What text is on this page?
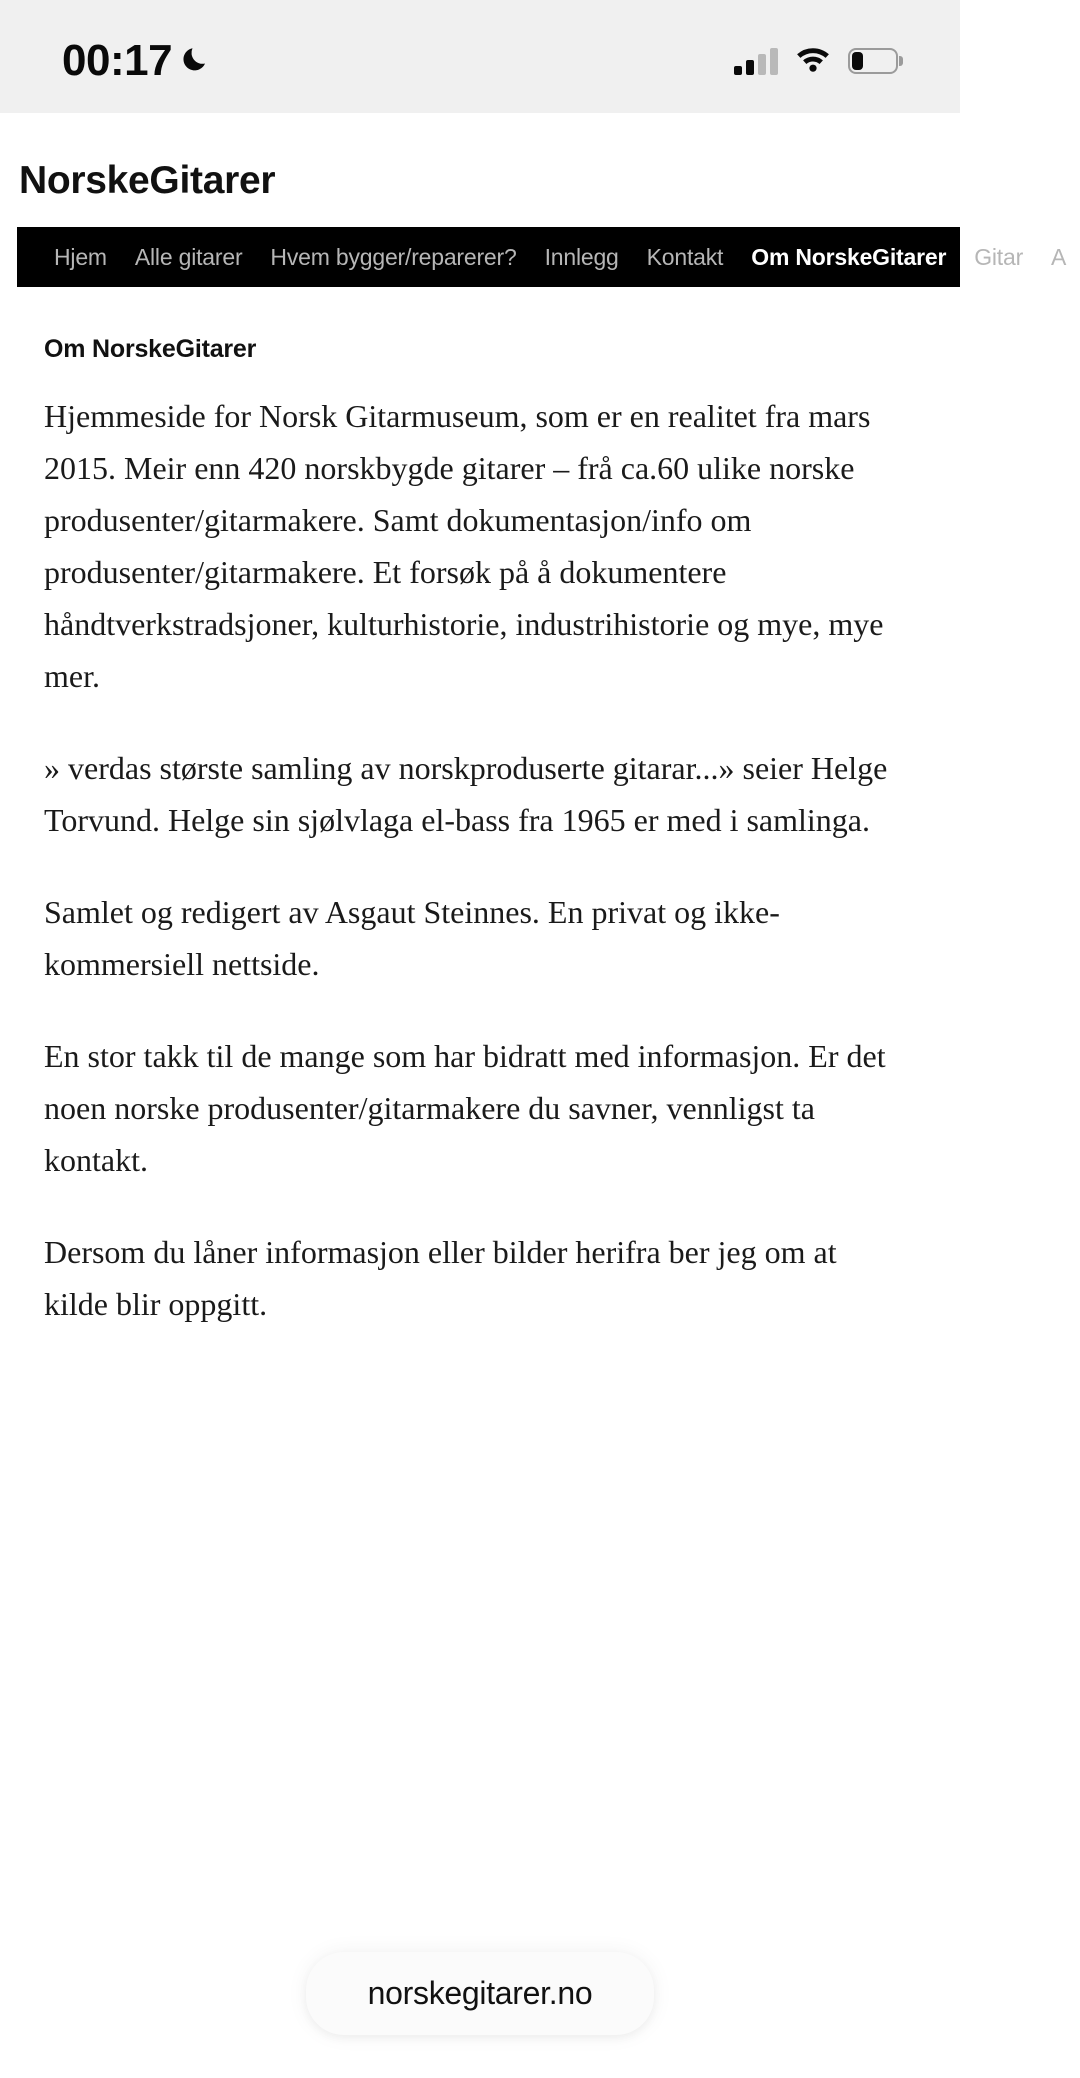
00:17
NorskeGitarer
Hjem	Alle gitarer	Hvem bygger/reparerer?	Innlegg	Kontakt	Om NorskeGitarer	Gitar	A
Om NorskeGitarer

Hjemmeside for Norsk Gitarmuseum, som er en realitet fra mars 2015. Meir enn 420 norskbygde gitarer – frå ca.60 ulike norske produsenter/gitarmakere. Samt dokumentasjon/info om produsenter/gitarmakere. Et forsøk på å dokumentere håndtverkstradsjoner, kulturhistorie, industrihistorie og mye, mye mer.

» verdas største samling av norskproduserte gitarar...» seier Helge Torvund. Helge sin sjølvlaga el-bass fra 1965 er med i samlinga.

Samlet og redigert av Asgaut Steinnes. En privat og ikke-kommersiell nettside.

En stor takk til de mange som har bidratt med informasjon. Er det noen norske produsenter/gitarmakere du savner, vennligst ta kontakt.

Dersom du låner informasjon eller bilder herifra ber jeg om at kilde blir oppgitt.

norskegitarer.no
